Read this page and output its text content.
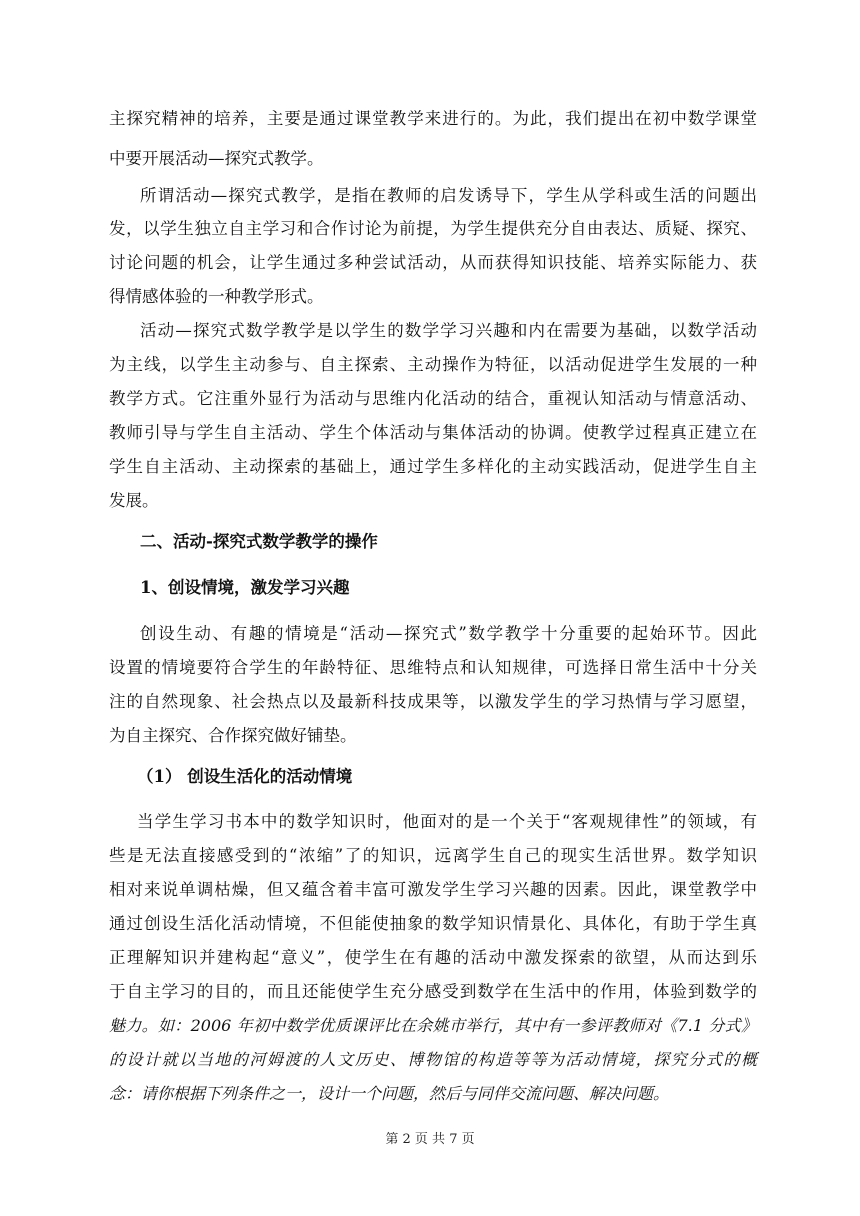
主探究精神的培养，主要是通过课堂教学来进行的。为此，我们提出在初中数学课堂
中要开展活动—探究式教学。
所谓活动—探究式教学，是指在教师的启发诱导下，学生从学科或生活的问题出
发，以学生独立自主学习和合作讨论为前提，为学生提供充分自由表达、质疑、探究、
讨论问题的机会，让学生通过多种尝试活动，从而获得知识技能、培养实际能力、获
得情感体验的一种教学形式。
活动—探究式数学教学是以学生的数学学习兴趣和内在需要为基础，以数学活动
为主线，以学生主动参与、自主探索、主动操作为特征，以活动促进学生发展的一种
教学方式。它注重外显行为活动与思维内化活动的结合，重视认知活动与情意活动、
教师引导与学生自主活动、学生个体活动与集体活动的协调。使教学过程真正建立在
学生自主活动、主动探索的基础上，通过学生多样化的主动实践活动，促进学生自主
发展。
二、活动-探究式数学教学的操作
1、创设情境，激发学习兴趣
创设生动、有趣的情境是“活动—探究式”数学教学十分重要的起始环节。因此
设置的情境要符合学生的年龄特征、思维特点和认知规律，可选择日常生活中十分关
注的自然现象、社会热点以及最新科技成果等，以激发学生的学习热情与学习愿望，
为自主探究、合作探究做好铺垫。
（1） 创设生活化的活动情境
当学生学习书本中的数学知识时，他面对的是一个关于“客观规律性”的领域，有
些是无法直接感受到的“浓缩”了的知识，远离学生自己的现实生活世界。数学知识
相对来说单调枯燥，但又蕴含着丰富可激发学生学习兴趣的因素。因此，课堂教学中
通过创设生活化活动情境，不但能使抽象的数学知识情景化、具体化，有助于学生真
正理解知识并建构起“意义”，使学生在有趣的活动中激发探索的欲望，从而达到乐
于自主学习的目的，而且还能使学生充分感受到数学在生活中的作用，体验到数学的
魅力。如：2006 年初中数学优质课评比在余姚市举行，其中有一参评教师对《7.1 分式》
的设计就以当地的河姆渡的人文历史、博物馆的构造等等为活动情境，探究分式的概
念：请你根据下列条件之一，设计一个问题，然后与同伴交流问题、解决问题。
第 2 页 共 7 页
